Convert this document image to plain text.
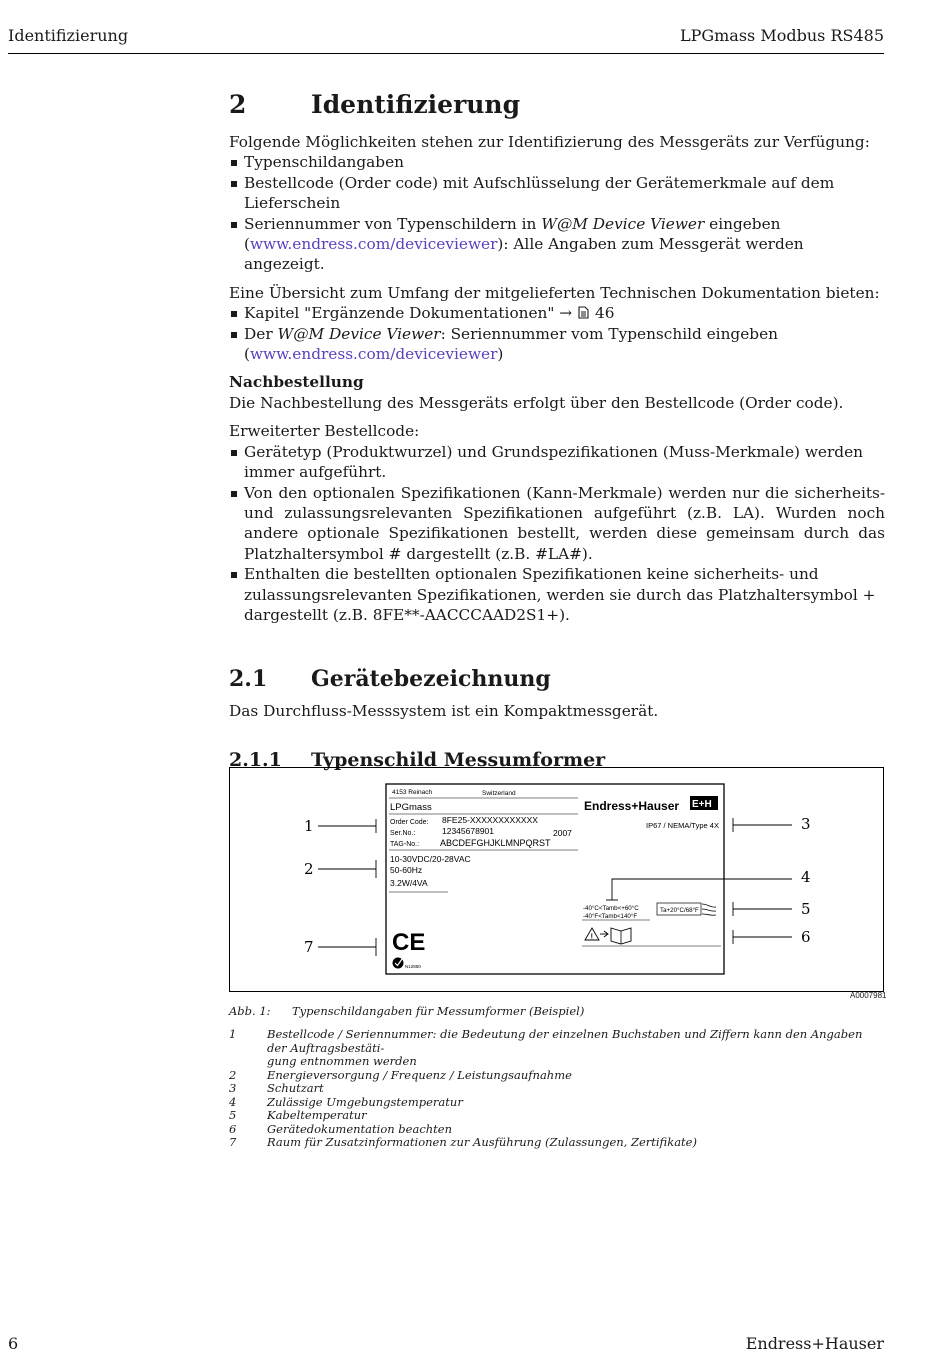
Identifizierung	LPGmass Modbus RS485
2	Identifizierung

Folgende Möglichkeiten stehen zur Identifizierung des Messgeräts zur Verfügung:

Typenschildangaben
Bestellcode (Order code) mit Aufschlüsselung der Gerätemerkmale auf dem Lieferschein
Seriennummer von Typenschildern in W@M Device Viewer eingeben
(www.endress.com/deviceviewer): Alle Angaben zum Messgerät werden angezeigt.

Eine Übersicht zum Umfang der mitgelieferten Technischen Dokumentation bieten:

Kapitel "Ergänzende Dokumentationen" → 46
Der W@M Device Viewer: Seriennummer vom Typenschild eingeben
(www.endress.com/deviceviewer)

Nachbestellung

Die Nachbestellung des Messgeräts erfolgt über den Bestellcode (Order code).

Erweiterter Bestellcode:

Gerätetyp (Produktwurzel) und Grundspezifikationen (Muss-Merkmale) werden immer aufgeführt.
Von den optionalen Spezifikationen (Kann-Merkmale) werden nur die sicherheits- und zulassungsrelevanten Spezifikationen aufgeführt (z.B. LA). Wurden noch andere optionale Spezifikationen bestellt, werden diese gemeinsam durch das Platzhaltersymbol # dargestellt (z.B. #LA#).
Enthalten die bestellten optionalen Spezifikationen keine sicherheits- und zulassungsrelevanten Spezifikationen, werden sie durch das Platzhaltersymbol + dargestellt (z.B. 8FE**-AACCCAAD2S1+).
2.1	Gerätebezeichnung

Das Durchfluss-Messsystem ist ein Kompaktmessgerät.

2.1.1	Typenschild Messumformer
4153 Reinach	Switzerland
LPGmass	Endress+Hauser E+H
Order Code: 8FE25-XXXXXXXXXXXX
Ser.No.:	12345678901	2007
TAG-No.: ABCDEFGHJKLMNPQRST
10-30VDC/20-28VAC
50-60Hz
3.2W/4VA
IP67 / NEMA/Type 4X
-40°C<Tamb<+60°C
-40°F<Tamb<140°F
Ta+20°C/68°F
!
CE
N12850
1
2
7
3
4
5
6
A0007981
Abb. 1: Typenschildangaben für Messumformer (Beispiel)
1	Bestellcode / Seriennummer: die Bedeutung der einzelnen Buchstaben und Ziffern kann den Angaben der Auftragsbestäti-
gung entnommen werden
2	Energieversorgung / Frequenz / Leistungsaufnahme
3	Schutzart
4	Zulässige Umgebungstemperatur
5	Kabeltemperatur
6	Gerätedokumentation beachten
7	Raum für Zusatzinformationen zur Ausführung (Zulassungen, Zertifikate)
6	Endress+Hauser
